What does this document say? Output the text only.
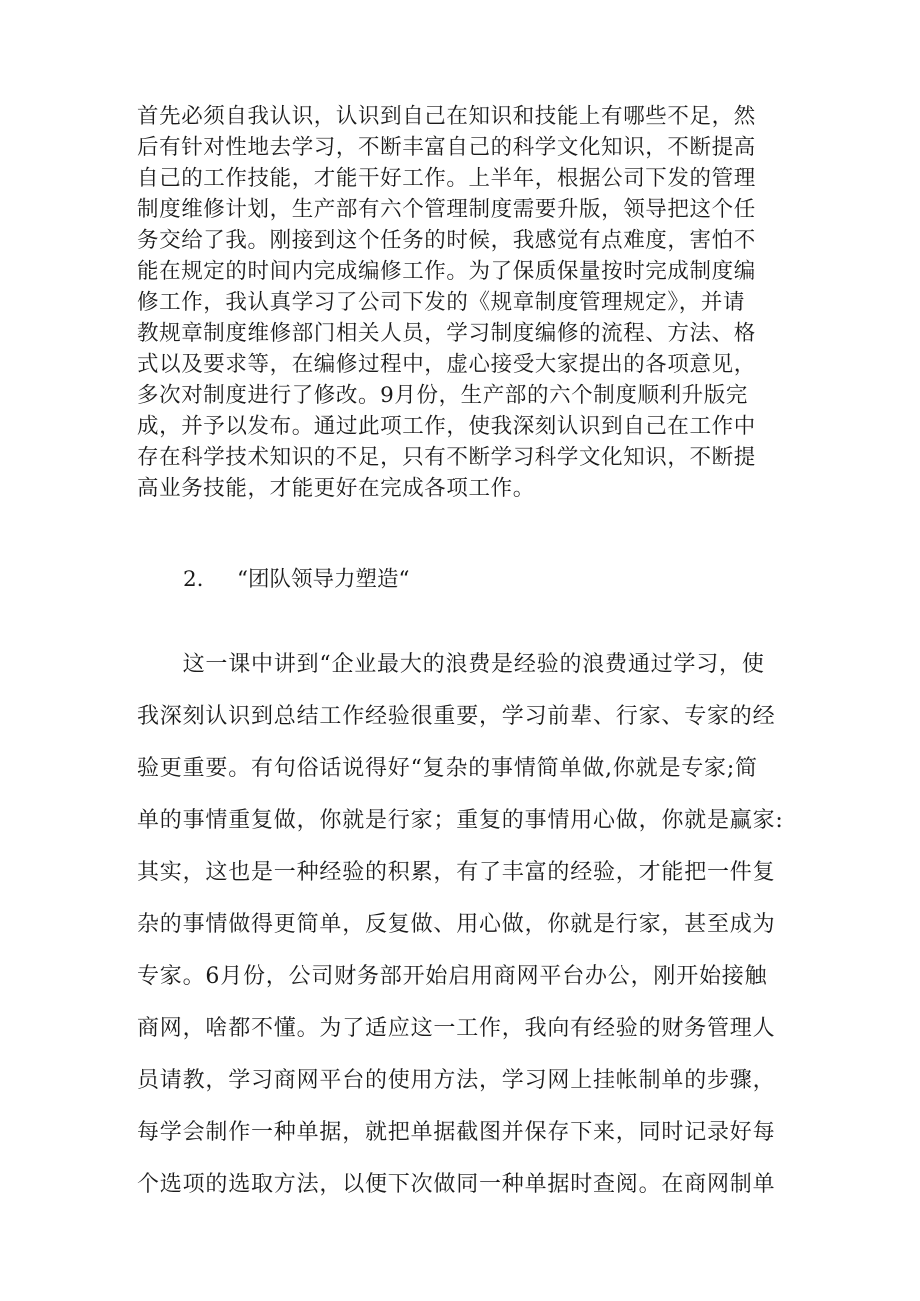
首先必须自我认识，认识到自己在知识和技能上有哪些不足，然
后有针对性地去学习，不断丰富自己的科学文化知识，不断提高
自己的工作技能，才能干好工作。上半年，根据公司下发的管理
制度维修计划，生产部有六个管理制度需要升版，领导把这个任
务交给了我。刚接到这个任务的时候，我感觉有点难度，害怕不
能在规定的时间内完成编修工作。为了保质保量按时完成制度编
修工作，我认真学习了公司下发的《规章制度管理规定》，并请
教规章制度维修部门相关人员，学习制度编修的流程、方法、格
式以及要求等，在编修过程中，虚心接受大家提出的各项意见，
多次对制度进行了修改。9月份，生产部的六个制度顺利升版完
成，并予以发布。通过此项工作，使我深刻认识到自己在工作中
存在科学技术知识的不足，只有不断学习科学文化知识，不断提
高业务技能，才能更好在完成各项工作。
2. “团队领导力塑造“
　　这一课中讲到“企业最大的浪费是经验的浪费通过学习，使
我深刻认识到总结工作经验很重要，学习前辈、行家、专家的经
验更重要。有句俗话说得好“复杂的事情简单做,你就是专家;简
单的事情重复做，你就是行家；重复的事情用心做，你就是赢家:
其实，这也是一种经验的积累，有了丰富的经验，才能把一件复
杂的事情做得更简单，反复做、用心做，你就是行家，甚至成为
专家。6月份，公司财务部开始启用商网平台办公，刚开始接触
商网，啥都不懂。为了适应这一工作，我向有经验的财务管理人
员请教，学习商网平台的使用方法，学习网上挂帐制单的步骤，
每学会制作一种单据，就把单据截图并保存下来，同时记录好每
个选项的选取方法，以便下次做同一种单据时查阅。在商网制单
